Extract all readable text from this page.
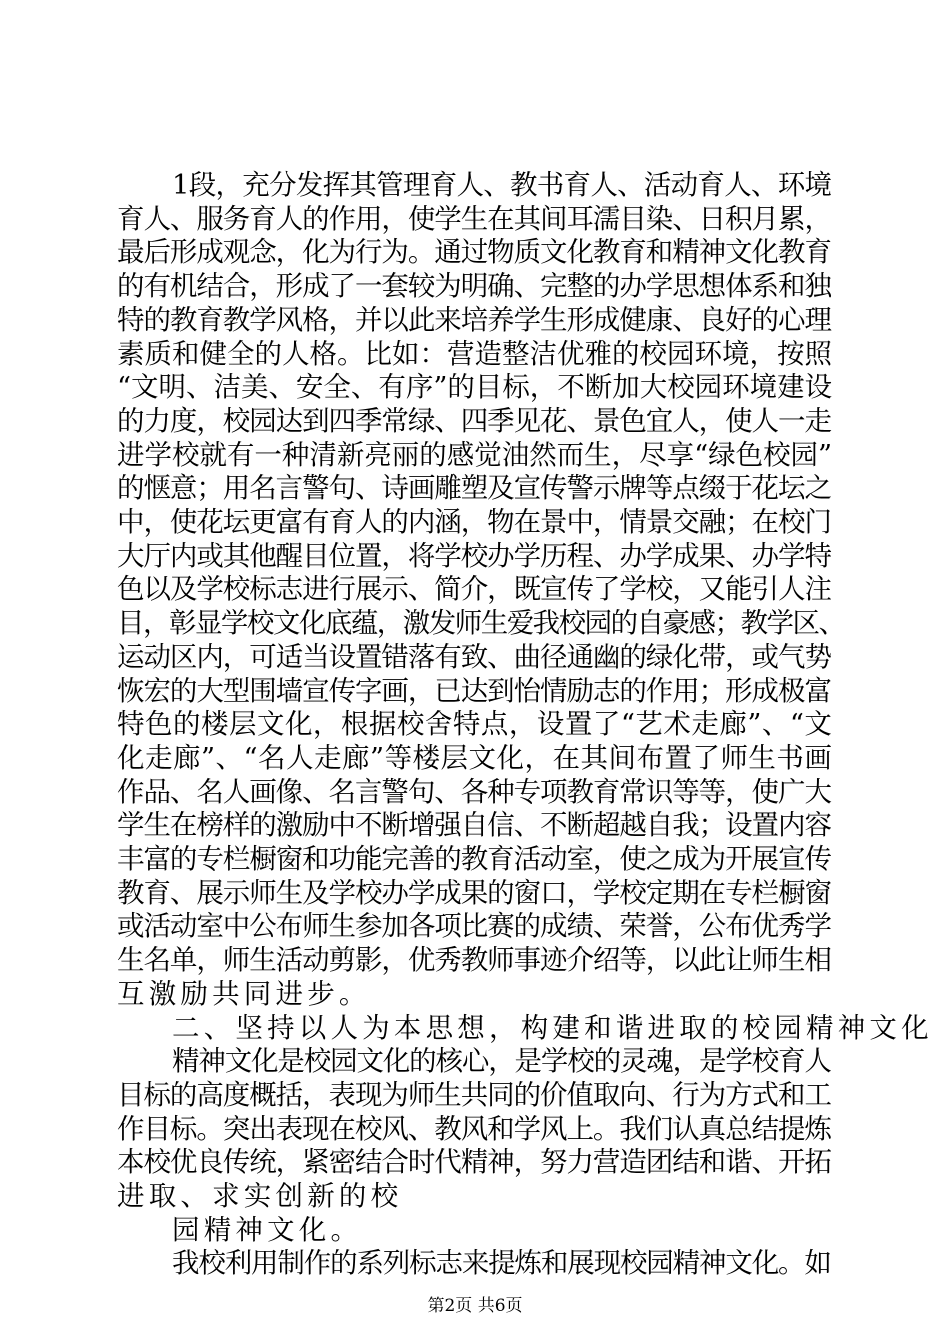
1段，充分发挥其管理育人、教书育人、活动育人、环境
育人、服务育人的作用，使学生在其间耳濡目染、日积月累，
最后形成观念，化为行为。通过物质文化教育和精神文化教育
的有机结合，形成了一套较为明确、完整的办学思想体系和独
特的教育教学风格，并以此来培养学生形成健康、良好的心理
素质和健全的人格。比如：营造整洁优雅的校园环境，按照
“文明、洁美、安全、有序”的目标，不断加大校园环境建设
的力度，校园达到四季常绿、四季见花、景色宜人，使人一走
进学校就有一种清新亮丽的感觉油然而生，尽享“绿色校园”
的惬意；用名言警句、诗画雕塑及宣传警示牌等点缀于花坛之
中，使花坛更富有育人的内涵，物在景中，情景交融；在校门
大厅内或其他醒目位置，将学校办学历程、办学成果、办学特
色以及学校标志进行展示、简介，既宣传了学校，又能引人注
目，彰显学校文化底蕴，激发师生爱我校园的自豪感；教学区、
运动区内，可适当设置错落有致、曲径通幽的绿化带，或气势
恢宏的大型围墙宣传字画，已达到怡情励志的作用；形成极富
特色的楼层文化，根据校舍特点，设置了“艺术走廊”、“文
化走廊”、“名人走廊”等楼层文化，在其间布置了师生书画
作品、名人画像、名言警句、各种专项教育常识等等，使广大
学生在榜样的激励中不断增强自信、不断超越自我；设置内容
丰富的专栏橱窗和功能完善的教育活动室，使之成为开展宣传
教育、展示师生及学校办学成果的窗口，学校定期在专栏橱窗
或活动室中公布师生参加各项比赛的成绩、荣誉，公布优秀学
生名单，师生活动剪影，优秀教师事迹介绍等，以此让师生相
互激励共同进步。
二、坚持以人为本思想，构建和谐进取的校园精神文化
精神文化是校园文化的核心，是学校的灵魂，是学校育人
目标的高度概括，表现为师生共同的价值取向、行为方式和工
作目标。突出表现在校风、教风和学风上。我们认真总结提炼
本校优良传统，紧密结合时代精神，努力营造团结和谐、开拓
进取、求实创新的校
园精神文化。
我校利用制作的系列标志来提炼和展现校园精神文化。如
第2页 共6页
